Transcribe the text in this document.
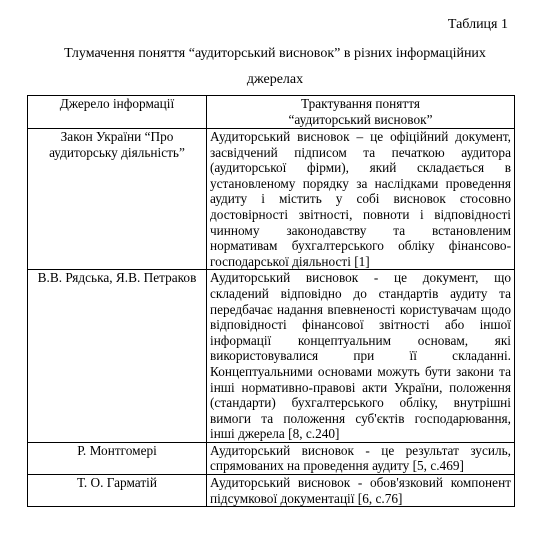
Таблиця 1
Тлумачення поняття “аудиторський висновок” в різних інформаційних
джерелах
Джерело інформації	Трактування поняття
“аудиторський висновок”

Закон України “Про
аудиторську діяльність”	Аудиторський висновок – це офіційний документ, засвідчений підписом та печаткою аудитора (аудиторської фірми), який складається в установленому порядку за наслідками проведення аудиту і містить у собі висновок стосовно достовірності звітності, повноти і відповідності чинному законодавству та встановленим нормативам бухгалтерського обліку фінансово-господарської діяльності [1]

В.В. Рядська, Я.В. Петраков	Аудиторський висновок - це документ, що складений відповідно до стандартів аудиту та передбачає надання впевненості користувачам щодо відповідності фінансової звітності або іншої інформації концептуальним основам, які використовувалися при її складанні. Концептуальними основами можуть бути закони та інші нормативно-правові акти України, положення (стандарти) бухгалтерського обліку, внутрішні вимоги та положення суб'єктів господарювання, інші джерела [8, с.240]

Р. Монтгомері	Аудиторський висновок - це результат зусиль, спрямованих на проведення аудиту [5, с.469]

Т. О. Гарматій	Аудиторський висновок - обов'язковий компонент підсумкової документації [6, с.76]
